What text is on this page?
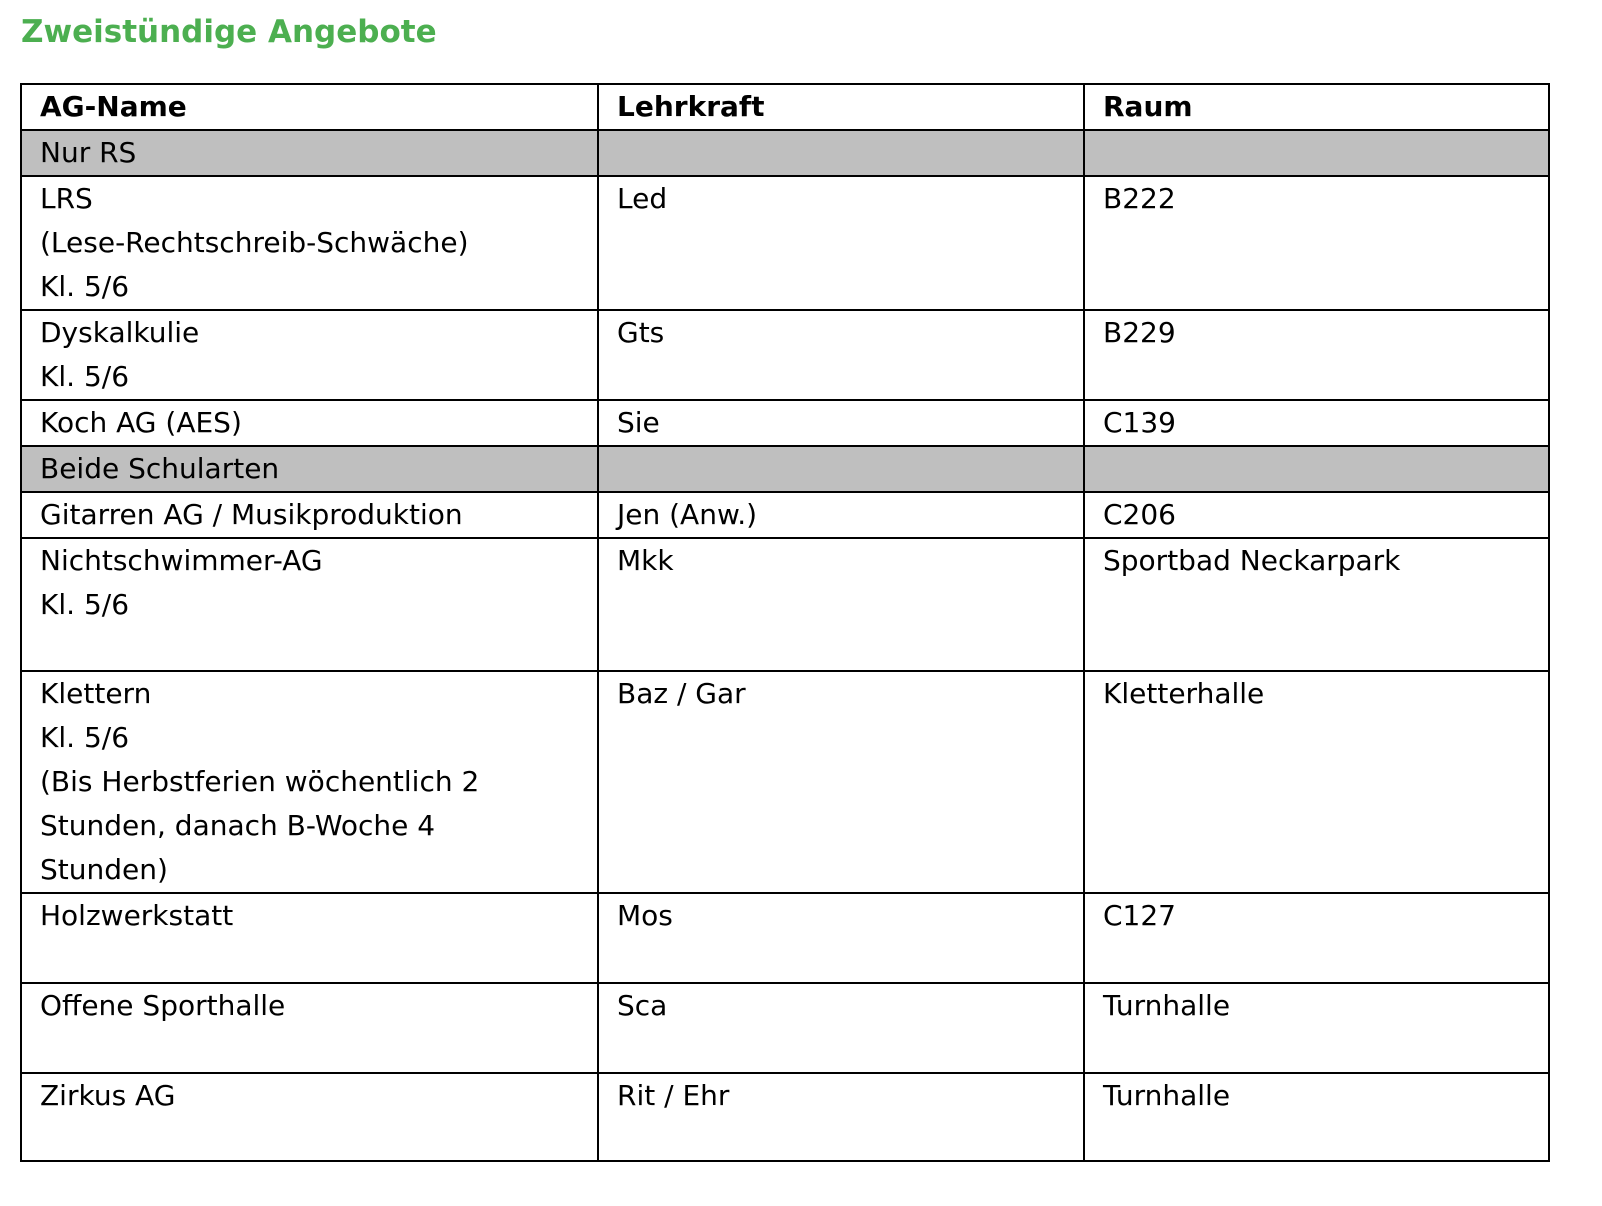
Zweistündige Angebote
AG-Name	Lehrkraft	Raum

Nur RS		

LRS
(Lese-Rechtschreib-Schwäche)
Kl. 5/6	Led	B222

Dyskalkulie
Kl. 5/6	Gts	B229

Koch AG (AES)	Sie	C139

Beide Schularten		

Gitarren AG / Musikproduktion	Jen (Anw.)	C206

Nichtschwimmer-AG
Kl. 5/6	Mkk	Sportbad Neckarpark

Klettern
Kl. 5/6
(Bis Herbstferien wöchentlich 2
Stunden, danach B-Woche 4
Stunden)	Baz / Gar	Kletterhalle

Holzwerkstatt	Mos	C127

Offene Sporthalle	Sca	Turnhalle

Zirkus AG	Rit / Ehr	Turnhalle
